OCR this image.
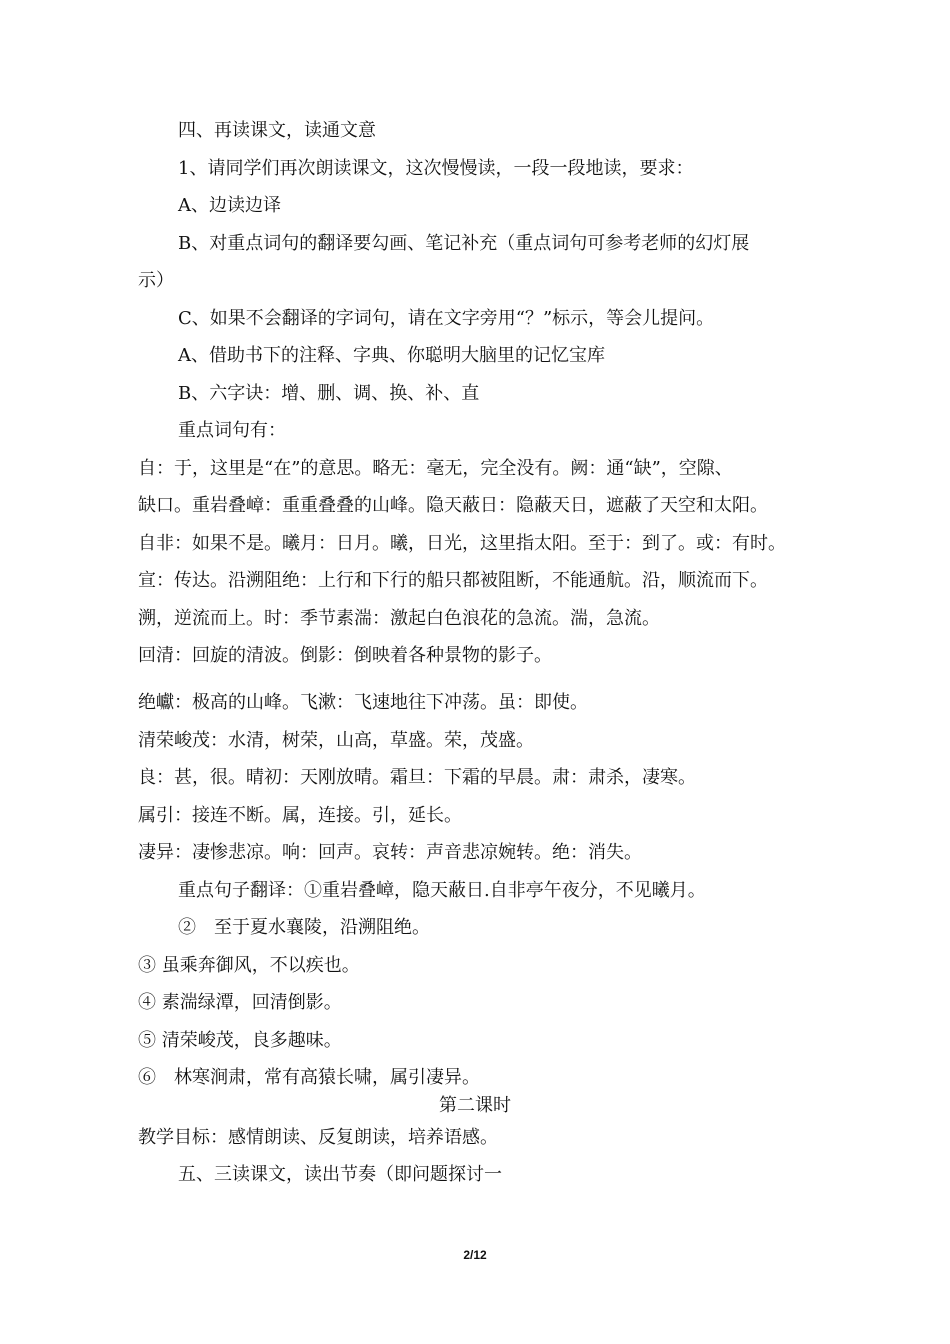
四、再读课文，读通文意
1、请同学们再次朗读课文，这次慢慢读，一段一段地读，要求：
A、边读边译
B、对重点词句的翻译要勾画、笔记补充（重点词句可参考老师的幻灯展
示）
C、如果不会翻译的字词句，请在文字旁用“？”标示，等会儿提问。
A、借助书下的注释、字典、你聪明大脑里的记忆宝库
B、六字诀：增、删、调、换、补、直
重点词句有：
自：于，这里是“在”的意思。略无：毫无，完全没有。阙：通“缺”，空隙、
缺口。重岩叠嶂：重重叠叠的山峰。隐天蔽日：隐蔽天日，遮蔽了天空和太阳。
自非：如果不是。曦月：日月。曦，日光，这里指太阳。至于：到了。或：有时。
宣：传达。沿溯阻绝：上行和下行的船只都被阻断，不能通航。沿，顺流而下。
溯，逆流而上。时：季节素湍：激起白色浪花的急流。湍，急流。
回清：回旋的清波。倒影：倒映着各种景物的影子。
绝巘：极高的山峰。飞漱：飞速地往下冲荡。虽：即使。
清荣峻茂：水清，树荣，山高，草盛。荣，茂盛。
良：甚，很。晴初：天刚放晴。霜旦：下霜的早晨。肃：肃杀，凄寒。
属引：接连不断。属，连接。引，延长。
凄异：凄惨悲凉。响：回声。哀转：声音悲凉婉转。绝：消失。
重点句子翻译：①重岩叠嶂，隐天蔽日.自非亭午夜分，不见曦月。
②　至于夏水襄陵，沿溯阻绝。
③ 虽乘奔御风，不以疾也。
④ 素湍绿潭，回清倒影。
⑤ 清荣峻茂，良多趣味。
⑥　林寒涧肃，常有高猿长啸，属引凄异。
第二课时
教学目标：感情朗读、反复朗读，培养语感。
五、三读课文，读出节奏（即问题探讨一
2/12
